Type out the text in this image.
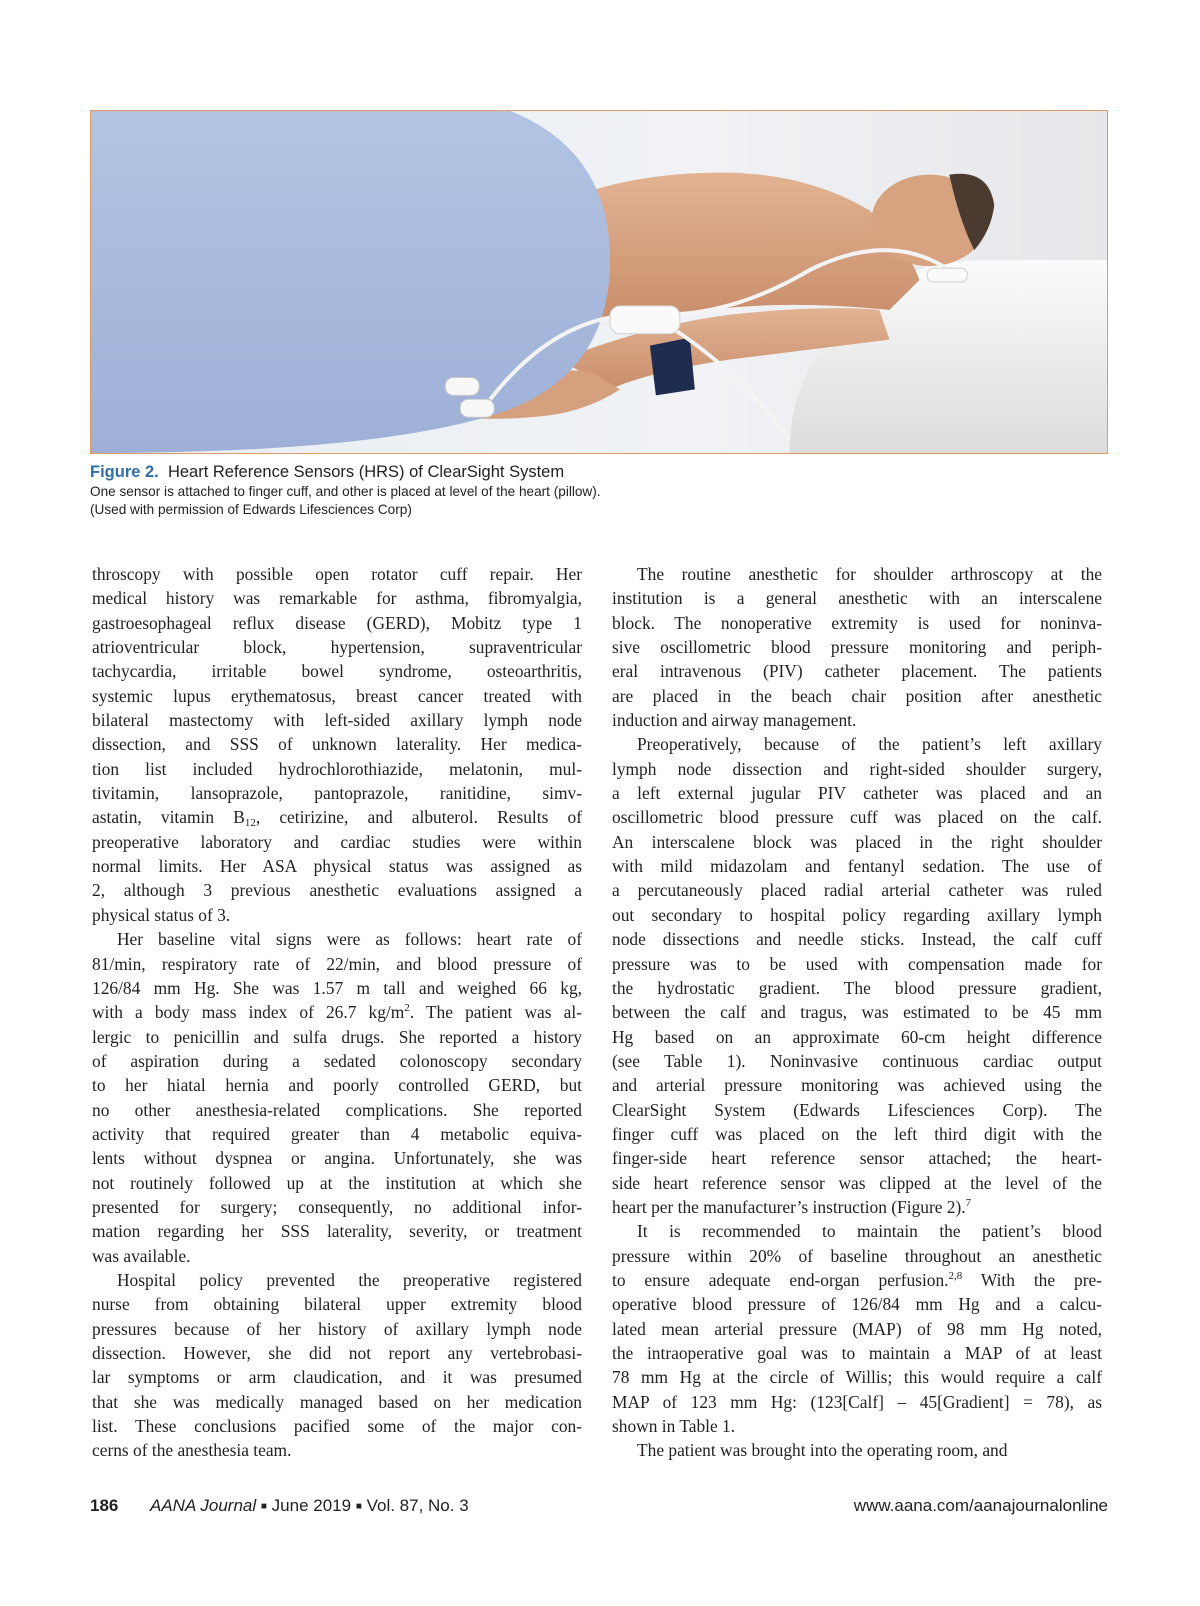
Figure 2. Heart Reference Sensors (HRS) of ClearSight System
One sensor is attached to finger cuff, and other is placed at level of the heart (pillow).
(Used with permission of Edwards Lifesciences Corp)

throscopy with possible open rotator cuff repair. Her
medical history was remarkable for asthma, fibromyalgia,
gastroesophageal reflux disease (GERD), Mobitz type 1
atrioventricular block, hypertension, supraventricular
tachycardia, irritable bowel syndrome, osteoarthritis,
systemic lupus erythematosus, breast cancer treated with
bilateral mastectomy with left-sided axillary lymph node
dissection, and SSS of unknown laterality. Her medica-
tion list included hydrochlorothiazide, melatonin, mul-
tivitamin, lansoprazole, pantoprazole, ranitidine, simv-
astatin, vitamin $B_{12}$, cetirizine, and albuterol. Results of
preoperative laboratory and cardiac studies were within
normal limits. Her ASA physical status was assigned as
2, although 3 previous anesthetic evaluations assigned a
physical status of 3.

Her baseline vital signs were as follows: heart rate of
81/min, respiratory rate of 22/min, and blood pressure of
126/84 mm Hg. She was 1.57 m tall and weighed 66 kg,
with a body mass index of 26.7 $kg/m^2$. The patient was al-
lergic to penicillin and sulfa drugs. She reported a history
of aspiration during a sedated colonoscopy secondary
to her hiatal hernia and poorly controlled GERD, but
no other anesthesia-related complications. She reported
activity that required greater than 4 metabolic equiva-
lents without dyspnea or angina. Unfortunately, she was
not routinely followed up at the institution at which she
presented for surgery; consequently, no additional infor-
mation regarding her SSS laterality, severity, or treatment
was available.

Hospital policy prevented the preoperative registered
nurse from obtaining bilateral upper extremity blood
pressures because of her history of axillary lymph node
dissection. However, she did not report any vertebrobasi-
lar symptoms or arm claudication, and it was presumed
that she was medically managed based on her medication
list. These conclusions pacified some of the major con-
cerns of the anesthesia team.

The routine anesthetic for shoulder arthroscopy at the
institution is a general anesthetic with an interscalene
block. The nonoperative extremity is used for noninva-
sive oscillometric blood pressure monitoring and periph-
eral intravenous (PIV) catheter placement. The patients
are placed in the beach chair position after anesthetic
induction and airway management.

Preoperatively, because of the patient’s left axillary
lymph node dissection and right-sided shoulder surgery,
a left external jugular PIV catheter was placed and an
oscillometric blood pressure cuff was placed on the calf.
An interscalene block was placed in the right shoulder
with mild midazolam and fentanyl sedation. The use of
a percutaneously placed radial arterial catheter was ruled
out secondary to hospital policy regarding axillary lymph
node dissections and needle sticks. Instead, the calf cuff
pressure was to be used with compensation made for
the hydrostatic gradient. The blood pressure gradient,
between the calf and tragus, was estimated to be 45 mm
Hg based on an approximate 60-cm height difference
(see Table 1). Noninvasive continuous cardiac output
and arterial pressure monitoring was achieved using the
ClearSight System (Edwards Lifesciences Corp). The
finger cuff was placed on the left third digit with the
finger-side heart reference sensor attached; the heart-
side heart reference sensor was clipped at the level of the
heart per the manufacturer’s instruction (Figure 2).$^7$

It is recommended to maintain the patient’s blood
pressure within 20% of baseline throughout an anesthetic
to ensure adequate end-organ perfusion.$^{2,8}$ With the pre-
operative blood pressure of 126/84 mm Hg and a calcu-
lated mean arterial pressure (MAP) of 98 mm Hg noted,
the intraoperative goal was to maintain a MAP of at least
78 mm Hg at the circle of Willis; this would require a calf
MAP of 123 mm Hg: (123[Calf] – 45[Gradient] = 78), as
shown in Table 1.

The patient was brought into the operating room, and

186 AANA Journal ■ June 2019 ■ Vol. 87, No. 3	www.aana.com/aanajournalonline
